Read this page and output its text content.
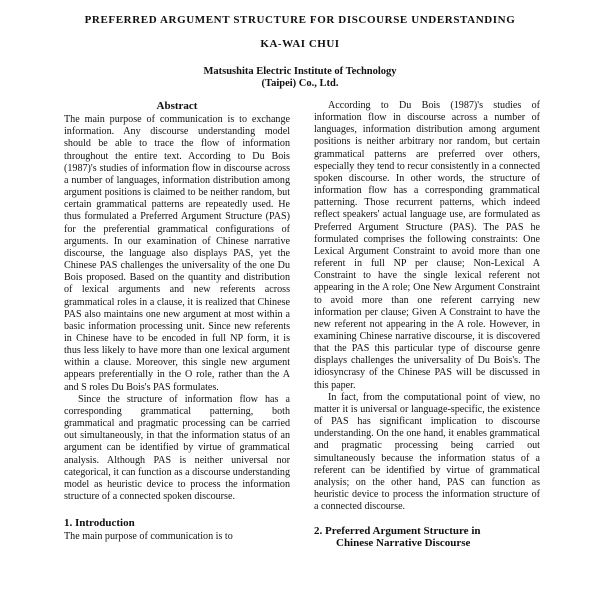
PREFERRED ARGUMENT STRUCTURE FOR DISCOURSE UNDERSTANDING
KA-WAI CHUI
Matsushita Electric Institute of Technology
(Taipei) Co., Ltd.
Abstract

The main purpose of communication is to exchange information. Any discourse understanding model should be able to trace the flow of information throughout the entire text. According to Du Bois (1987)'s studies of information flow in discourse across a number of languages, information distribution among argument positions is claimed to be neither random, but certain grammatical patterns are repeatedly used. He thus formulated a Preferred Argument Structure (PAS) for the preferential grammatical configurations of arguments. In our examination of Chinese narrative discourse, the language also displays PAS, yet the Chinese PAS challenges the universality of the one Du Bois proposed. Based on the quantity and distribution of lexical arguments and new referents across grammatical roles in a clause, it is realized that Chinese PAS also maintains one new argument at most within a basic information processing unit. Since new referents in Chinese have to be encoded in full NP form, it is thus less likely to have more than one lexical argument within a clause. Moreover, this single new argument appears preferentially in the O role, rather than the A and S roles Du Bois's PAS formulates.

Since the structure of information flow has a corresponding grammatical patterning, both grammatical and pragmatic processing can be carried out simultaneously, in that the information status of an argument can be identified by virtue of grammatical analysis. Although PAS is neither universal nor categorical, it can function as a discourse understanding model as heuristic device to process the information structure of a connected spoken discourse.

1. Introduction

The main purpose of communication is to

According to Du Bois (1987)'s studies of information flow in discourse across a number of languages, information distribution among argument positions is neither arbitrary nor random, but certain grammatical patterns are preferred over others, especially they tend to recur consistently in a connected spoken discourse. In other words, the structure of information flow has a corresponding grammatical patterning. Those recurrent patterns, which indeed reflect speakers' actual language use, are formulated as Preferred Argument Structure (PAS). The PAS he formulated comprises the following constraints: One Lexical Argument Constraint to avoid more than one referent in full NP per clause; Non-Lexical A Constraint to have the single lexical referent not appearing in the A role; One New Argument Constraint to avoid more than one referent carrying new information per clause; Given A Constraint to have the new referent not appearing in the A role. However, in examining Chinese narrative discourse, it is discovered that the PAS this particular type of discourse genre displays challenges the universality of Du Bois's. The idiosyncrasy of the Chinese PAS will be discussed in this paper.

In fact, from the computational point of view, no matter it is universal or language-specific, the existence of PAS has significant implication to discourse understanding. On the one hand, it enables grammatical and pragmatic processing being carried out simultaneously because the information status of a referent can be identified by virtue of grammatical analysis; on the other hand, PAS can function as heuristic device to process the information structure of a connected discourse.

2. Preferred Argument Structure in
Chinese Narrative Discourse
